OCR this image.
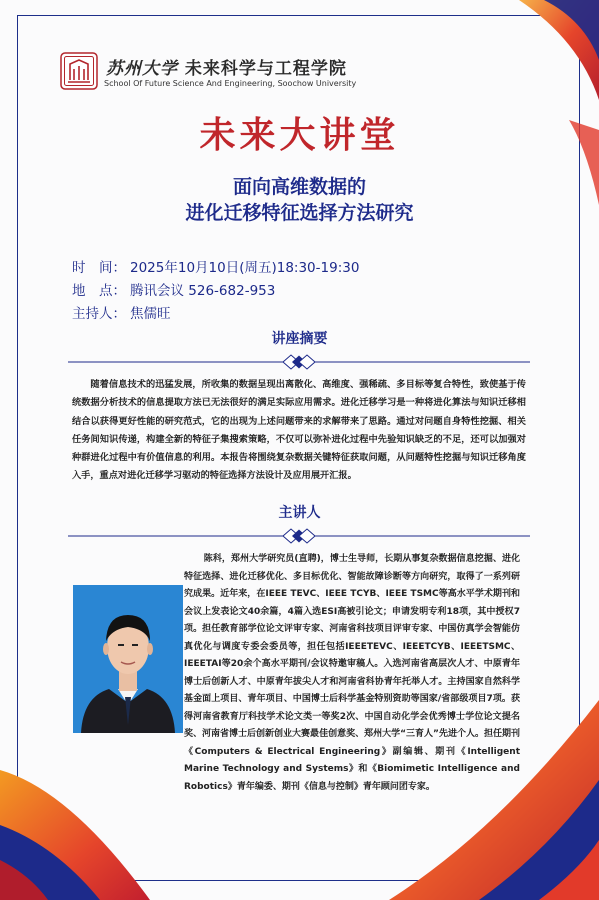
苏州大学 未来科学与工程学院
School Of Future Science And Engineering, Soochow University
未来大讲堂
面向高维数据的
进化迁移特征选择方法研究
时　间： 2025年10月10日(周五)18:30-19:30
地　点： 腾讯会议 526-682-953
主持人： 焦儒旺
讲座摘要

随着信息技术的迅猛发展，所收集的数据呈现出离散化、高维度、强稀疏、多目标等复合特性，致使基于传统数据分析技术的信息提取方法已无法很好的满足实际应用需求。进化迁移学习是一种将进化算法与知识迁移相结合以获得更好性能的研究范式，它的出现为上述问题带来的求解带来了思路。通过对问题自身特性挖掘、相关任务间知识传递，构建全新的特征子集搜索策略，不仅可以弥补进化过程中先验知识缺乏的不足，还可以加强对种群进化过程中有价值信息的利用。本报告将围绕复杂数据关键特征获取问题，从问题特性挖掘与知识迁移角度入手，重点对进化迁移学习驱动的特征选择方法设计及应用展开汇报。

主讲人

陈科，郑州大学研究员(直聘)，博士生导师，长期从事复杂数据信息挖掘、进化特征选择、进化迁移优化、多目标优化、智能故障诊断等方向研究，取得了一系列研究成果。近年来，在IEEE TEVC、IEEE TCYB、IEEE TSMC等高水平学术期刊和会议上发表论文40余篇，4篇入选ESI高被引论文；申请发明专利18项，其中授权7项。担任教育部学位论文评审专家、河南省科技项目评审专家、中国仿真学会智能仿真优化与调度专委会委员等，担任包括IEEETEVC、IEEETCYB、IEEETSMC、IEEETAI等20余个高水平期刊/会议特邀审稿人。入选河南省高层次人才、中原青年博士后创新人才、中原青年拔尖人才和河南省科协青年托举人才。主持国家自然科学基金面上项目、青年项目、中国博士后科学基金特别资助等国家/省部级项目7项。获得河南省教育厅科技学术论文类一等奖2次、中国自动化学会优秀博士学位论文提名奖、河南省博士后创新创业大赛最佳创意奖、郑州大学“三育人”先进个人。担任期刊《Computers & Electrical Engineering》副编辑、期刊《Intelligent Marine Technology and Systems》和《Biomimetic Intelligence and Robotics》青年编委、期刊《信息与控制》青年顾问团专家。
